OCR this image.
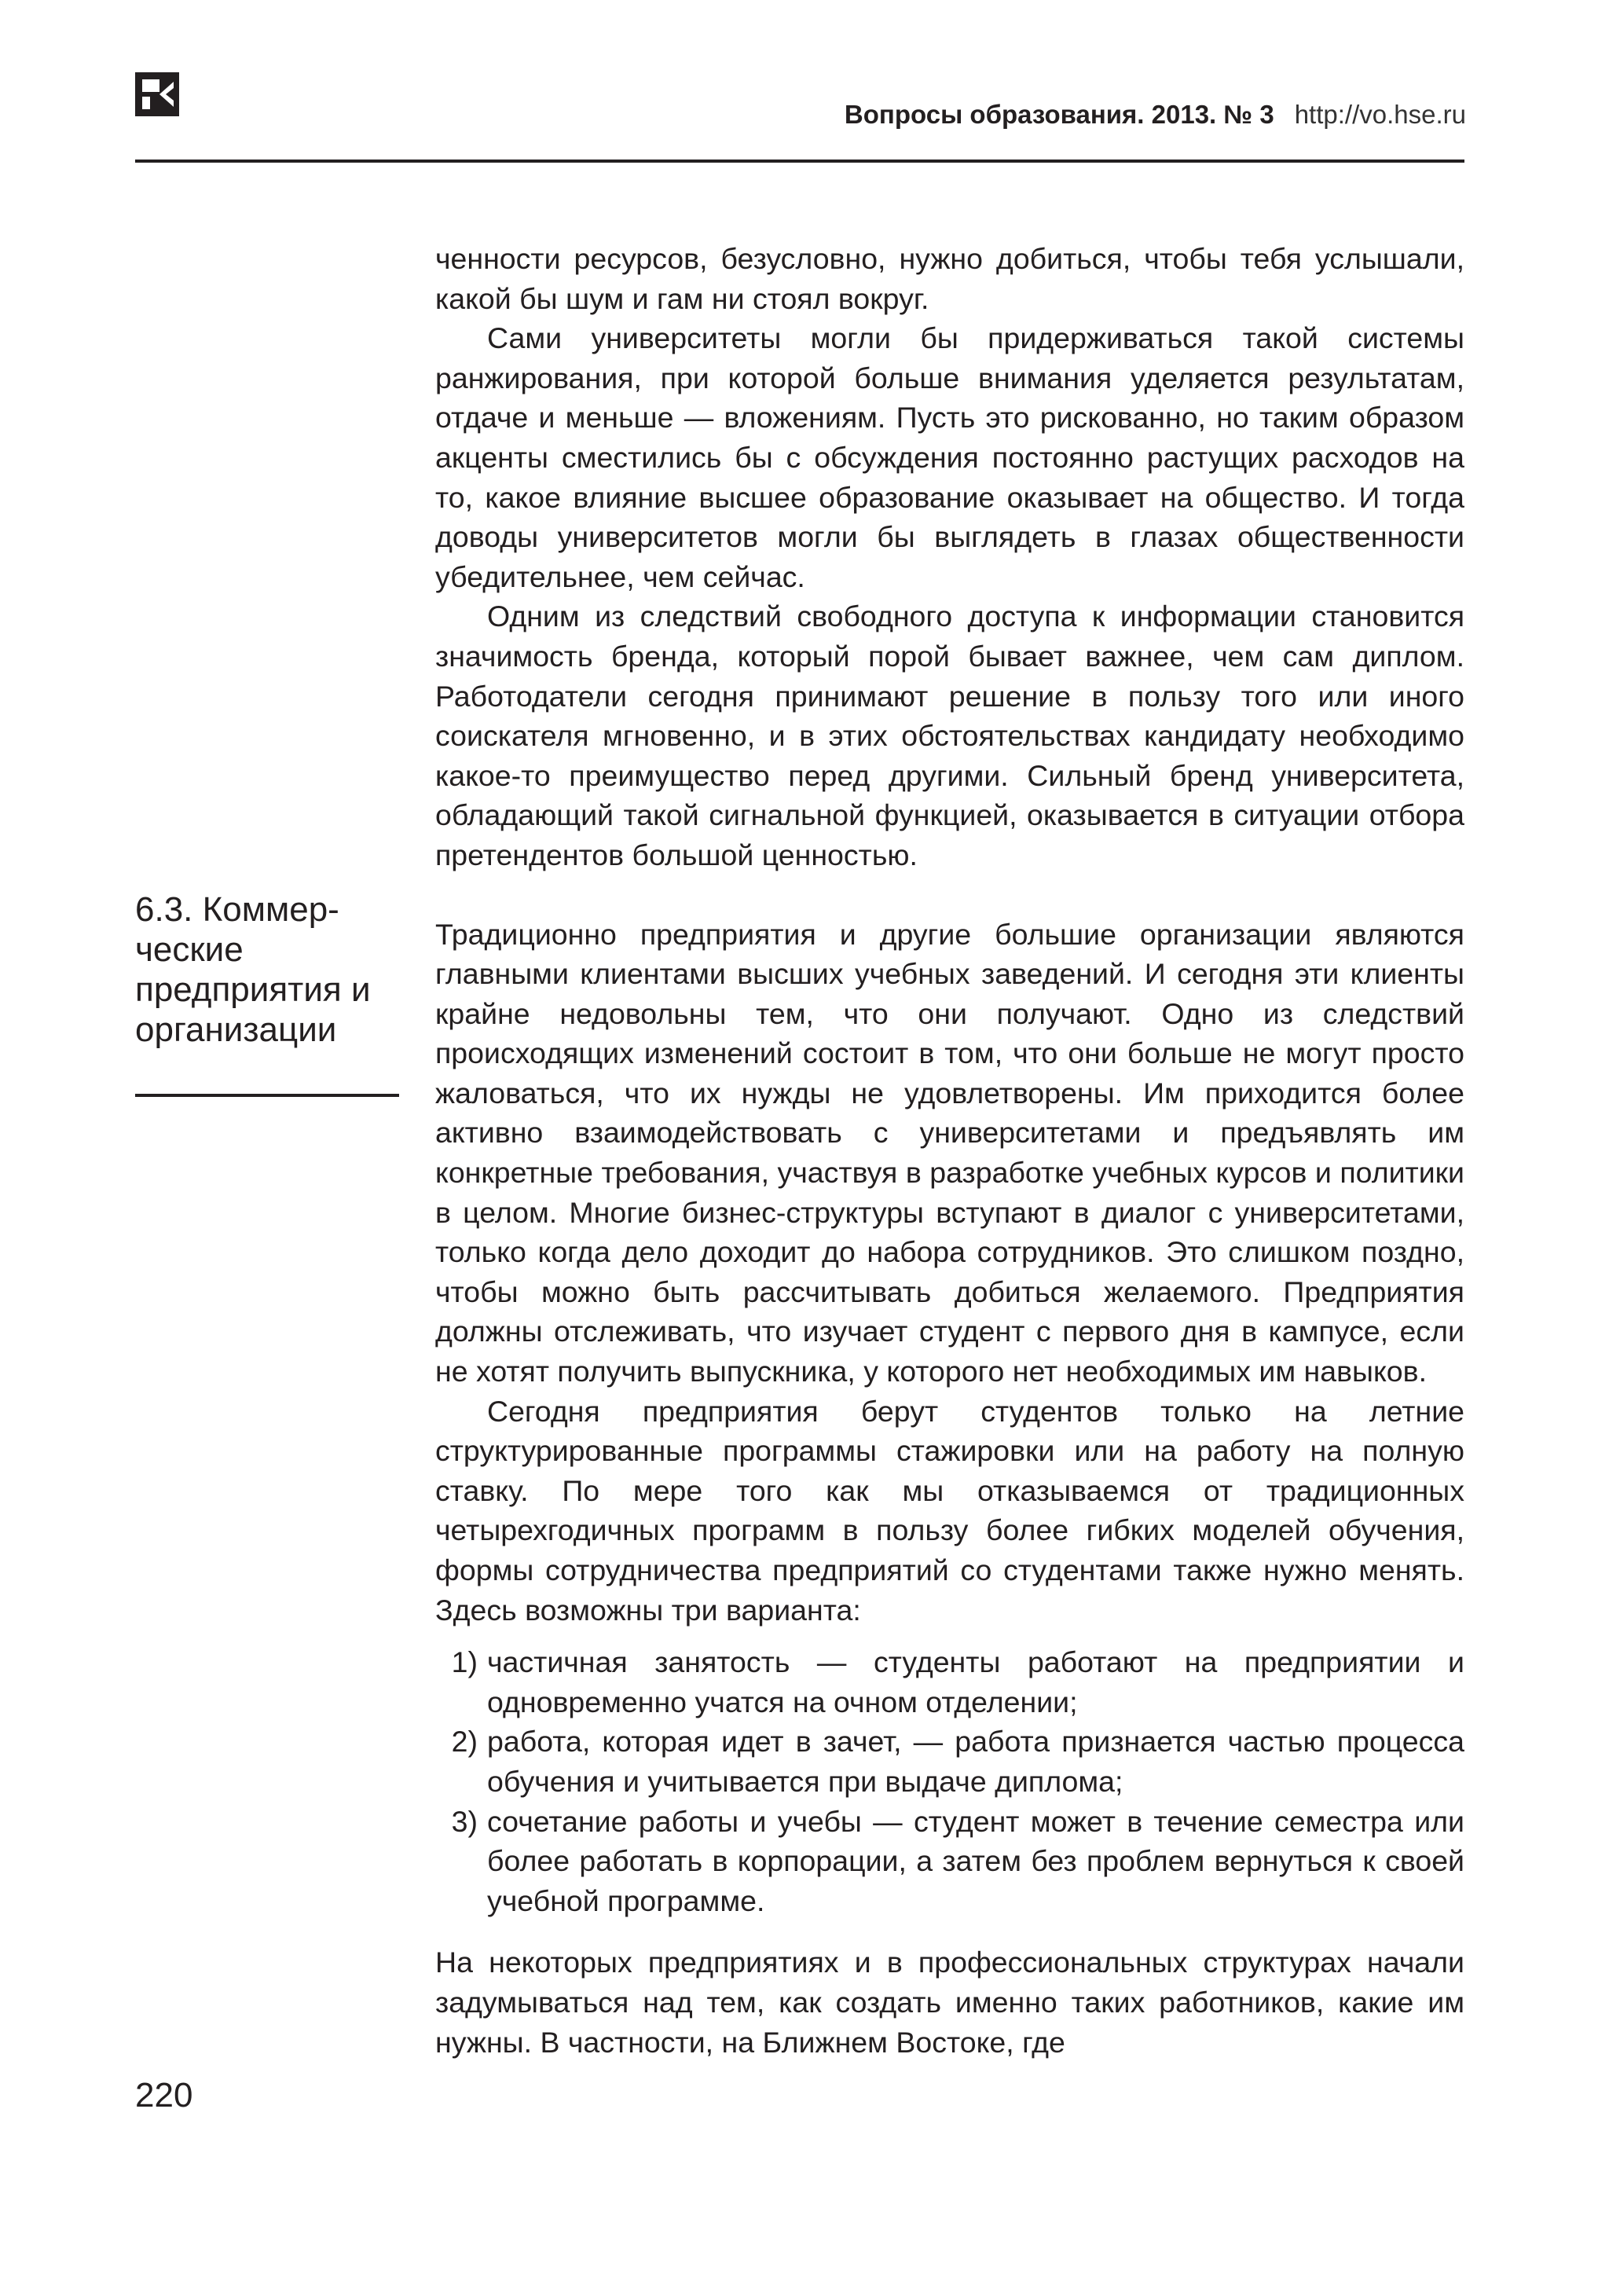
Вопросы образования. 2013. № 3 http://vo.hse.ru
6.3. Коммер-ческие предприятия и организации

ченности ресурсов, безусловно, нужно добиться, чтобы тебя услышали, какой бы шум и гам ни стоял вокруг.

Сами университеты могли бы придерживаться такой системы ранжирования, при которой больше внимания уделяется результатам, отдаче и меньше — вложениям. Пусть это рискованно, но таким образом акценты сместились бы с обсуждения постоянно растущих расходов на то, какое влияние высшее образование оказывает на общество. И тогда доводы университетов могли бы выглядеть в глазах общественности убедительнее, чем сейчас.

Одним из следствий свободного доступа к информации становится значимость бренда, который порой бывает важнее, чем сам диплом. Работодатели сегодня принимают решение в пользу того или иного соискателя мгновенно, и в этих обстоятельствах кандидату необходимо какое-то преимущество перед другими. Сильный бренд университета, обладающий такой сигнальной функцией, оказывается в ситуации отбора претендентов большой ценностью.

Традиционно предприятия и другие большие организации являются главными клиентами высших учебных заведений. И сегодня эти клиенты крайне недовольны тем, что они получают. Одно из следствий происходящих изменений состоит в том, что они больше не могут просто жаловаться, что их нужды не удовлетворены. Им приходится более активно взаимодействовать с университетами и предъявлять им конкретные требования, участвуя в разработке учебных курсов и политики в целом. Многие бизнес-структуры вступают в диалог с университетами, только когда дело доходит до набора сотрудников. Это слишком поздно, чтобы можно быть рассчитывать добиться желаемого. Предприятия должны отслеживать, что изучает студент с первого дня в кампусе, если не хотят получить выпускника, у которого нет необходимых им навыков.

Сегодня предприятия берут студентов только на летние структурированные программы стажировки или на работу на полную ставку. По мере того как мы отказываемся от традиционных четырехгодичных программ в пользу более гибких моделей обучения, формы сотрудничества предприятий со студентами также нужно менять. Здесь возможны три варианта:

1) частичная занятость — студенты работают на предприятии и одновременно учатся на очном отделении;
2) работа, которая идет в зачет, — работа признается частью процесса обучения и учитывается при выдаче диплома;
3) сочетание работы и учебы — студент может в течение семестра или более работать в корпорации, а затем без проблем вернуться к своей учебной программе.

На некоторых предприятиях и в профессиональных структурах начали задумываться над тем, как создать именно таких работников, какие им нужны. В частности, на Ближнем Востоке, где

220
